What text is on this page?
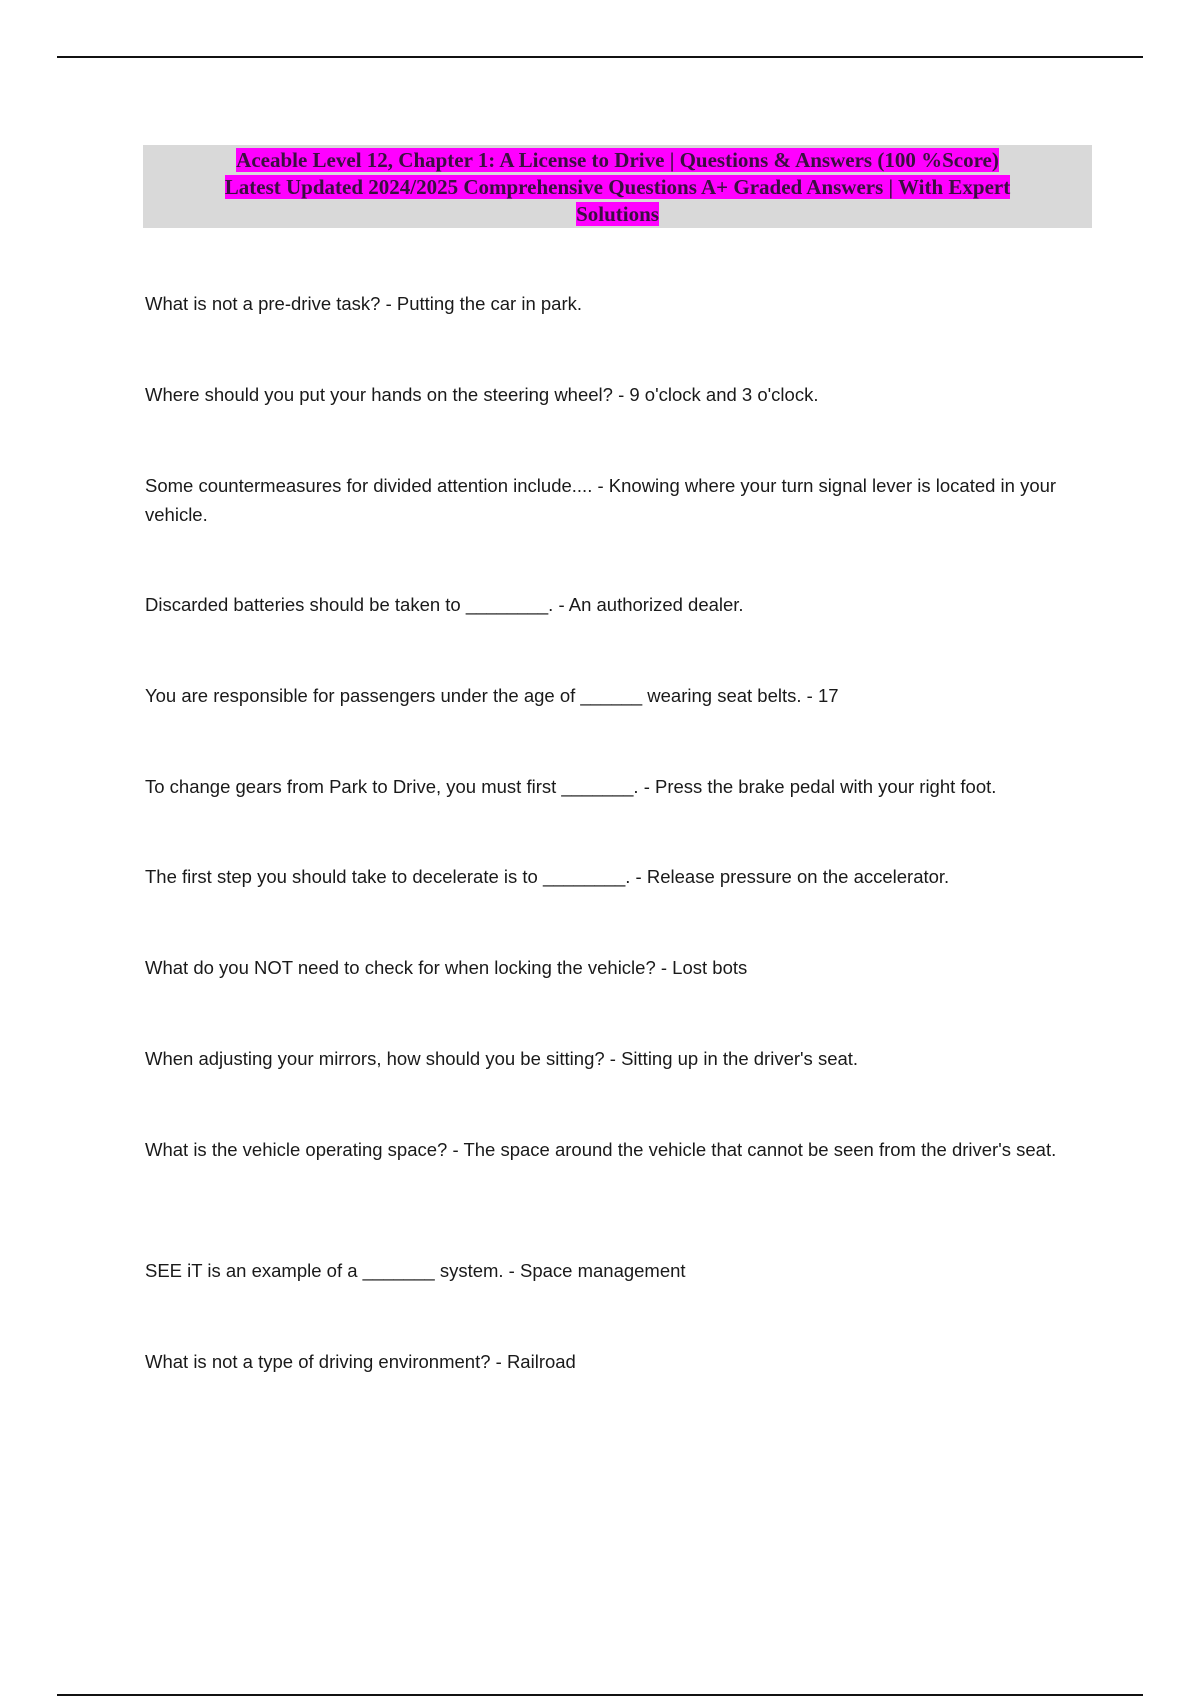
Aceable Level 12, Chapter 1: A License to Drive | Questions & Answers (100 %Score)
Latest Updated 2024/2025 Comprehensive Questions A+ Graded Answers | With Expert
Solutions

What is not a pre-drive task? - Putting the car in park.

Where should you put your hands on the steering wheel? - 9 o'clock and 3 o'clock.

Some countermeasures for divided attention include.... - Knowing where your turn signal lever is located in your vehicle.

Discarded batteries should be taken to ________. - An authorized dealer.

You are responsible for passengers under the age of ______ wearing seat belts. - 17

To change gears from Park to Drive, you must first _______. - Press the brake pedal with your right foot.

The first step you should take to decelerate is to ________. - Release pressure on the accelerator.

What do you NOT need to check for when locking the vehicle? - Lost bots

When adjusting your mirrors, how should you be sitting? - Sitting up in the driver's seat.

What is the vehicle operating space? - The space around the vehicle that cannot be seen from the driver's seat.

SEE iT is an example of a _______ system. - Space management

What is not a type of driving environment? - Railroad
